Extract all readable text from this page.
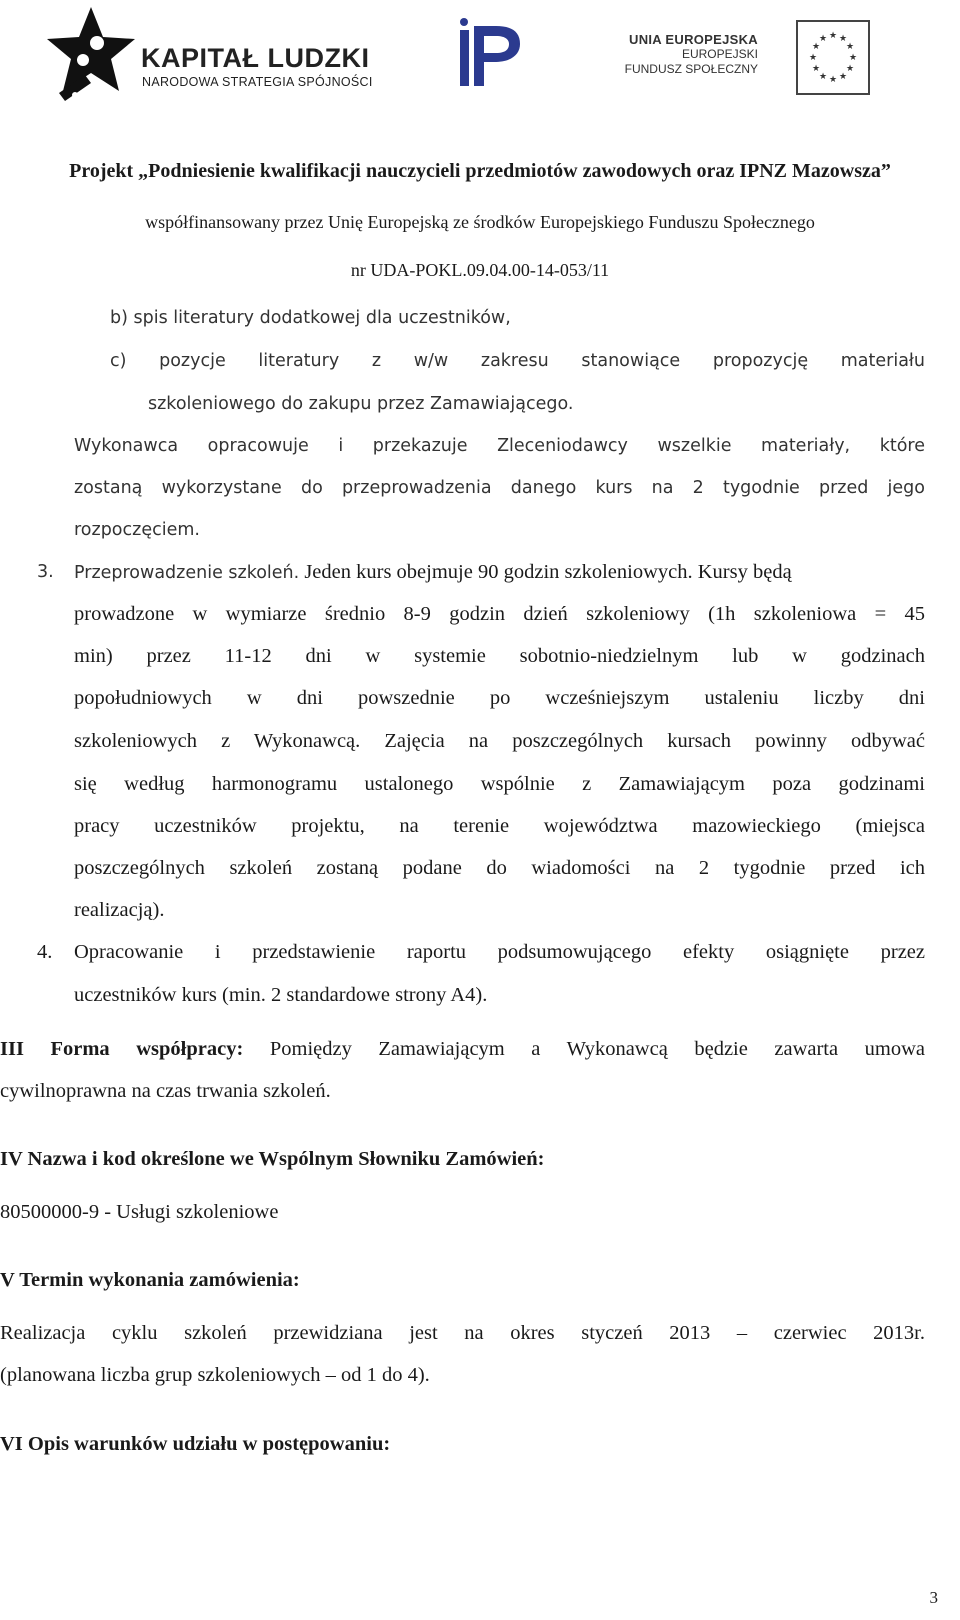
KAPITAŁ LUDZKI
NARODOWA STRATEGIA SPÓJNOŚCI
UNIA EUROPEJSKA
EUROPEJSKI
FUNDUSZ SPOŁECZNY
★ ★
★
★
★
★
★
★
★
★
★
★
Projekt „Podniesienie kwalifikacji nauczycieli przedmiotów zawodowych oraz IPNZ Mazowsza”
współfinansowany przez Unię Europejską ze środków Europejskiego Funduszu Społecznego
nr UDA-POKL.09.04.00-14-053/11
b) spis literatury dodatkowej dla uczestników,
c) pozycje literatury z w/w zakresu stanowiące propozycję materiału
szkoleniowego do zakupu przez Zamawiającego.
Wykonawca opracowuje i przekazuje Zleceniodawcy wszelkie materiały, które
zostaną wykorzystane do przeprowadzenia danego kurs na 2 tygodnie przed jego
rozpoczęciem.
3. Przeprowadzenie szkoleń. Jeden kurs obejmuje 90 godzin szkoleniowych. Kursy będą
prowadzone w wymiarze średnio 8-9 godzin dzień szkoleniowy (1h szkoleniowa = 45
min) przez 11-12 dni w systemie sobotnio-niedzielnym lub w godzinach
popołudniowych w dni powszednie po wcześniejszym ustaleniu liczby dni
szkoleniowych z Wykonawcą. Zajęcia na poszczególnych kursach powinny odbywać
się według harmonogramu ustalonego wspólnie z Zamawiającym poza godzinami
pracy uczestników projektu, na terenie województwa mazowieckiego (miejsca
poszczególnych szkoleń zostaną podane do wiadomości na 2 tygodnie przed ich
realizacją).
4. Opracowanie i przedstawienie raportu podsumowującego efekty osiągnięte przez
uczestników kurs (min. 2 standardowe strony A4).
III Forma współpracy: Pomiędzy Zamawiającym a Wykonawcą będzie zawarta umowa
cywilnoprawna na czas trwania szkoleń.
IV Nazwa i kod określone we Wspólnym Słowniku Zamówień:
80500000-9 - Usługi szkoleniowe
V Termin wykonania zamówienia:
Realizacja cyklu szkoleń przewidziana jest na okres styczeń 2013 – czerwiec 2013r.
(planowana liczba grup szkoleniowych – od 1 do 4).
VI Opis warunków udziału w postępowaniu:
3
